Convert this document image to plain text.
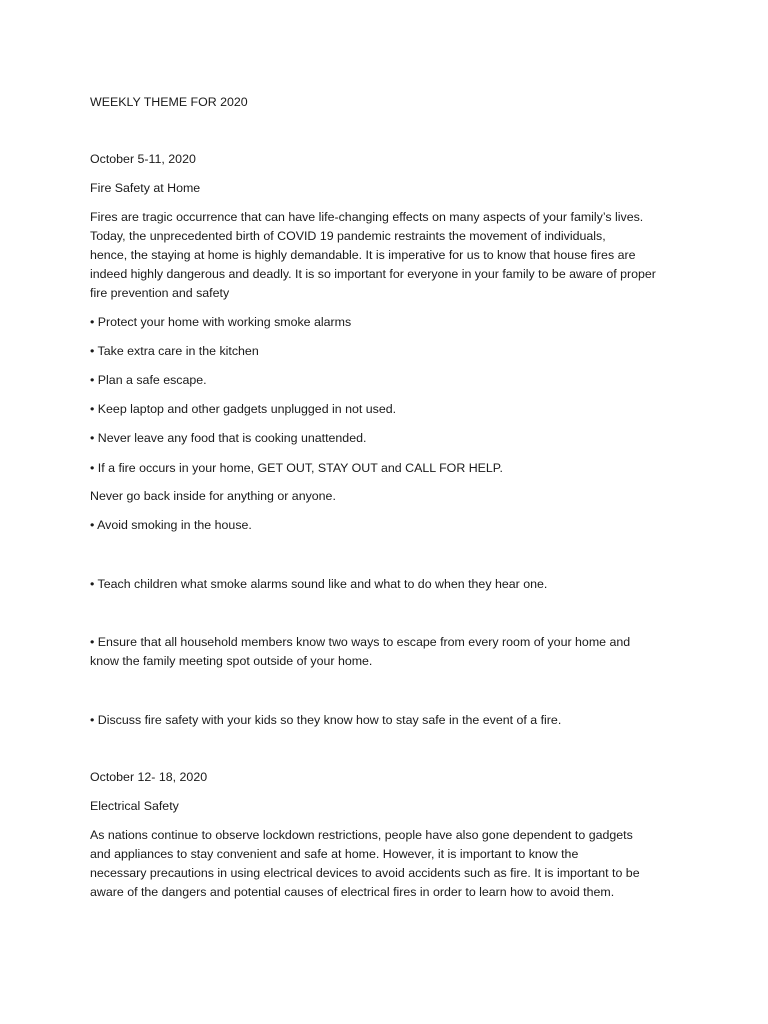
WEEKLY THEME FOR 2020

October 5-11, 2020

Fire Safety at Home

Fires are tragic occurrence that can have life-changing effects on many aspects of your family’s lives.
Today, the unprecedented birth of COVID 19 pandemic restraints the movement of individuals,
hence, the staying at home is highly demandable. It is imperative for us to know that house fires are
indeed highly dangerous and deadly. It is so important for everyone in your family to be aware of proper
fire prevention and safety

• Protect your home with working smoke alarms

• Take extra care in the kitchen

• Plan a safe escape.

• Keep laptop and other gadgets unplugged in not used.

• Never leave any food that is cooking unattended.

• If a fire occurs in your home, GET OUT, STAY OUT and CALL FOR HELP.

Never go back inside for anything or anyone.

• Avoid smoking in the house.

• Teach children what smoke alarms sound like and what to do when they hear one.

• Ensure that all household members know two ways to escape from every room of your home and
know the family meeting spot outside of your home.

• Discuss fire safety with your kids so they know how to stay safe in the event of a fire.

October 12- 18, 2020

Electrical Safety

As nations continue to observe lockdown restrictions, people have also gone dependent to gadgets
and appliances to stay convenient and safe at home. However, it is important to know the
necessary precautions in using electrical devices to avoid accidents such as fire. It is important to be
aware of the dangers and potential causes of electrical fires in order to learn how to avoid them.
